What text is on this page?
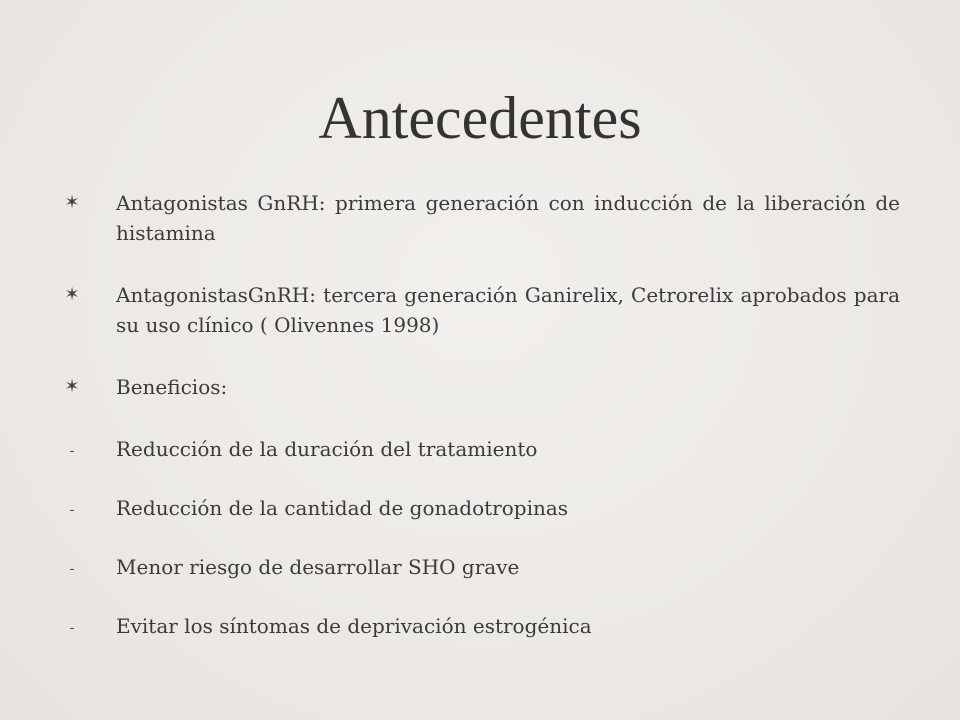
Antecedentes
✶ Antagonistas GnRH: primera generación con inducción de la liberación de histamina
✶ AntagonistasGnRH: tercera generación Ganirelix, Cetrorelix aprobados para su uso clínico ( Olivennes 1998)
✶ Beneficios:
-	Reducción de la duración del tratamiento
-	Reducción de la cantidad de gonadotropinas
-	Menor riesgo de desarrollar SHO grave
-	Evitar los síntomas de deprivación estrogénica
